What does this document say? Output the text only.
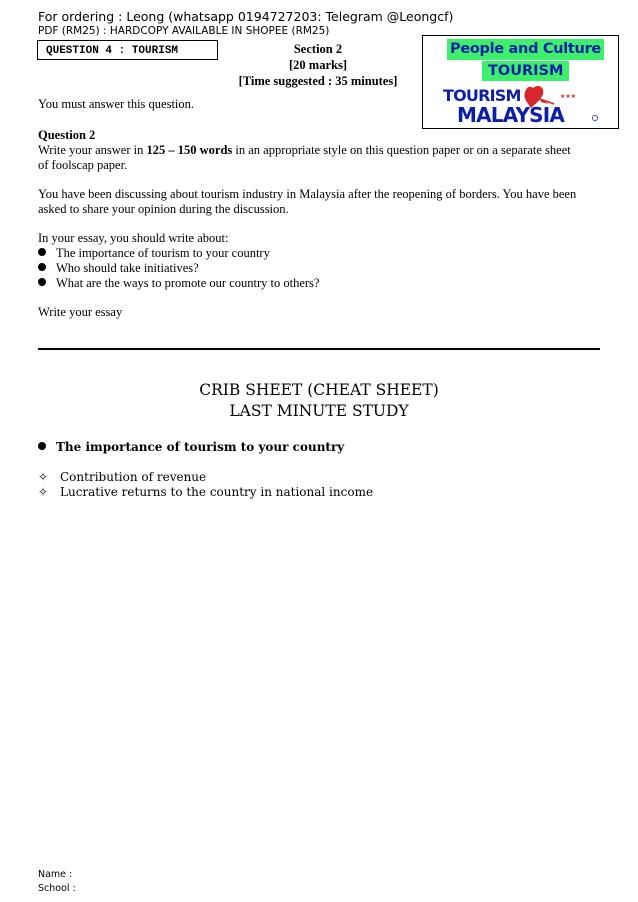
For ordering : Leong (whatsapp 0194727203: Telegram @Leongcf)
PDF (RM25) : HARDCOPY AVAILABLE IN SHOPEE (RM25)
QUESTION 4 : TOURISM	Section 2
[20 marks]
[Time suggested : 35 minutes]
People and Culture
TOURISM
TOURISM
MALAYSIA
★★★
You must answer this question.
Question 2
Write your answer in 125 – 150 words in an appropriate style on this question paper or on a separate sheet
of foolscap paper.
You have been discussing about tourism industry in Malaysia after the reopening of borders. You have been
asked to share your opinion during the discussion.
In your essay, you should write about:
The importance of tourism to your country
Who should take initiatives?
What are the ways to promote our country to others?
Write your essay
CRIB SHEET (CHEAT SHEET)
LAST MINUTE STUDY
The importance of tourism to your country
✧ Contribution of revenue
✧ Lucrative returns to the country in national income
Name :
School :
